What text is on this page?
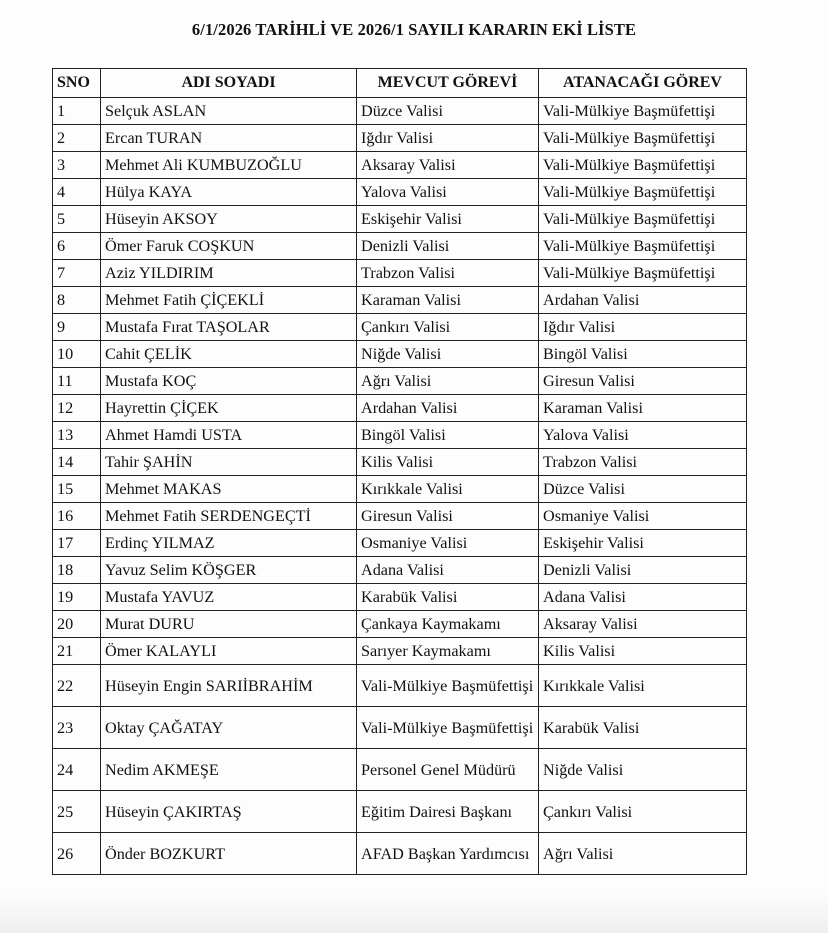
6/1/2026 TARİHLİ VE 2026/1 SAYILI KARARIN EKİ LİSTE
SNO	ADI SOYADI	MEVCUT GÖREVİ	ATANACAĞI GÖREV
1	Selçuk ASLAN	Düzce Valisi	Vali-Mülkiye Başmüfettişi
2	Ercan TURAN	Iğdır Valisi	Vali-Mülkiye Başmüfettişi
3	Mehmet Ali KUMBUZOĞLU	Aksaray Valisi	Vali-Mülkiye Başmüfettişi
4	Hülya KAYA	Yalova Valisi	Vali-Mülkiye Başmüfettişi
5	Hüseyin AKSOY	Eskişehir Valisi	Vali-Mülkiye Başmüfettişi
6	Ömer Faruk COŞKUN	Denizli Valisi	Vali-Mülkiye Başmüfettişi
7	Aziz YILDIRIM	Trabzon Valisi	Vali-Mülkiye Başmüfettişi
8	Mehmet Fatih ÇİÇEKLİ	Karaman Valisi	Ardahan Valisi
9	Mustafa Fırat TAŞOLAR	Çankırı Valisi	Iğdır Valisi
10	Cahit ÇELİK	Niğde Valisi	Bingöl Valisi
11	Mustafa KOÇ	Ağrı Valisi	Giresun Valisi
12	Hayrettin ÇİÇEK	Ardahan Valisi	Karaman Valisi
13	Ahmet Hamdi USTA	Bingöl Valisi	Yalova Valisi
14	Tahir ŞAHİN	Kilis Valisi	Trabzon Valisi
15	Mehmet MAKAS	Kırıkkale Valisi	Düzce Valisi
16	Mehmet Fatih SERDENGEÇTİ	Giresun Valisi	Osmaniye Valisi
17	Erdinç YILMAZ	Osmaniye Valisi	Eskişehir Valisi
18	Yavuz Selim KÖŞGER	Adana Valisi	Denizli Valisi
19	Mustafa YAVUZ	Karabük Valisi	Adana Valisi
20	Murat DURU	Çankaya Kaymakamı	Aksaray Valisi
21	Ömer KALAYLI	Sarıyer Kaymakamı	Kilis Valisi
22	Hüseyin Engin SARIİBRAHİM	Vali-Mülkiye Başmüfettişi	Kırıkkale Valisi
23	Oktay ÇAĞATAY	Vali-Mülkiye Başmüfettişi	Karabük Valisi
24	Nedim AKMEŞE	Personel Genel Müdürü	Niğde Valisi
25	Hüseyin ÇAKIRTAŞ	Eğitim Dairesi Başkanı	Çankırı Valisi
26	Önder BOZKURT	AFAD Başkan Yardımcısı	Ağrı Valisi
